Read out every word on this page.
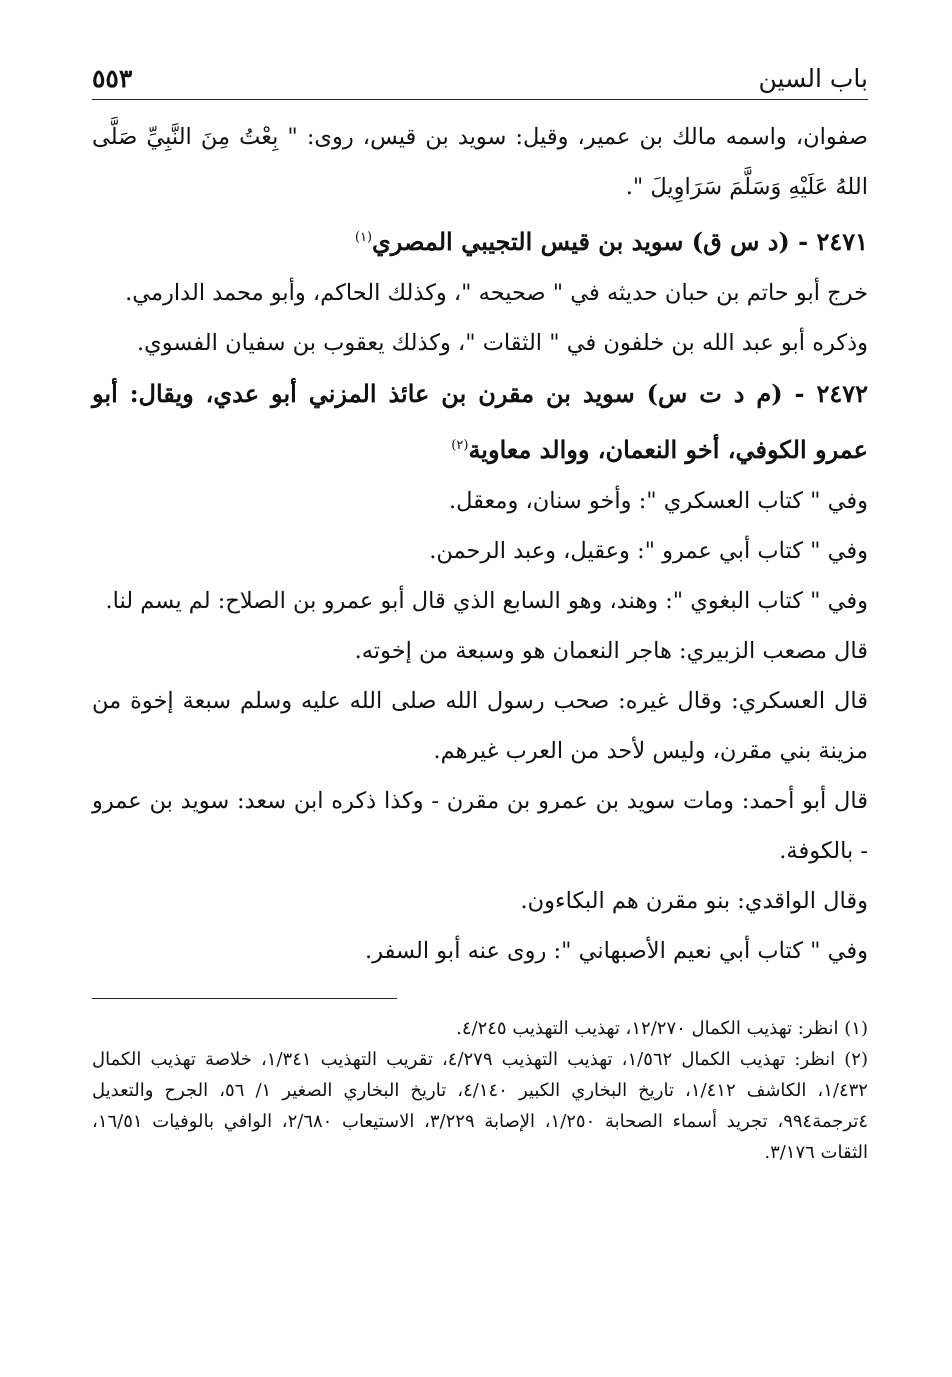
باب السين
٥٥٣

صفوان، واسمه مالك بن عمير، وقيل: سويد بن قيس، روى: " بِعْتُ مِنَ النَّبِيِّ صَلَّى اللهُ عَلَيْهِ وَسَلَّمَ سَرَاوِيلَ ".

٢٤٧١ - (د س ق) سويد بن قيس التجيبي المصري$^{(١)}$

خرج أبو حاتم بن حبان حديثه في " صحيحه "، وكذلك الحاكم، وأبو محمد الدارمي.

وذكره أبو عبد الله بن خلفون في " الثقات "، وكذلك يعقوب بن سفيان الفسوي.

٢٤٧٢ - (م د ت س) سويد بن مقرن بن عائذ المزني أبو عدي، ويقال: أبو عمرو الكوفي، أخو النعمان، ووالد معاوية$^{(٢)}$

وفي " كتاب العسكري ": وأخو سنان، ومعقل.

وفي " كتاب أبي عمرو ": وعقيل، وعبد الرحمن.

وفي " كتاب البغوي ": وهند، وهو السابع الذي قال أبو عمرو بن الصلاح: لم يسم لنا.

قال مصعب الزبيري: هاجر النعمان هو وسبعة من إخوته.

قال العسكري: وقال غيره: صحب رسول الله صلى الله عليه وسلم سبعة إخوة من مزينة بني مقرن، وليس لأحد من العرب غيرهم.

قال أبو أحمد: ومات سويد بن عمرو بن مقرن - وكذا ذكره ابن سعد: سويد بن عمرو - بالكوفة.

وقال الواقدي: بنو مقرن هم البكاءون.

وفي " كتاب أبي نعيم الأصبهاني ": روى عنه أبو السفر.

(١) انظر: تهذيب الكمال ١٢/٢٧٠، تهذيب التهذيب ٤/٢٤٥.

(٢) انظر: تهذيب الكمال ١/٥٦٢، تهذيب التهذيب ٤/٢٧٩، تقريب التهذيب ١/٣٤١، خلاصة تهذيب الكمال ١/٤٣٢، الكاشف ١/٤١٢، تاريخ البخاري الكبير ٤/١٤٠، تاريخ البخاري الصغير ١/ ٥٦، الجرح والتعديل ٤ترجمة٩٩٤، تجريد أسماء الصحابة ١/٢٥٠، الإصابة ٣/٢٢٩، الاستيعاب ٢/٦٨٠، الوافي بالوفيات ١٦/٥١، الثقات ٣/١٧٦.
